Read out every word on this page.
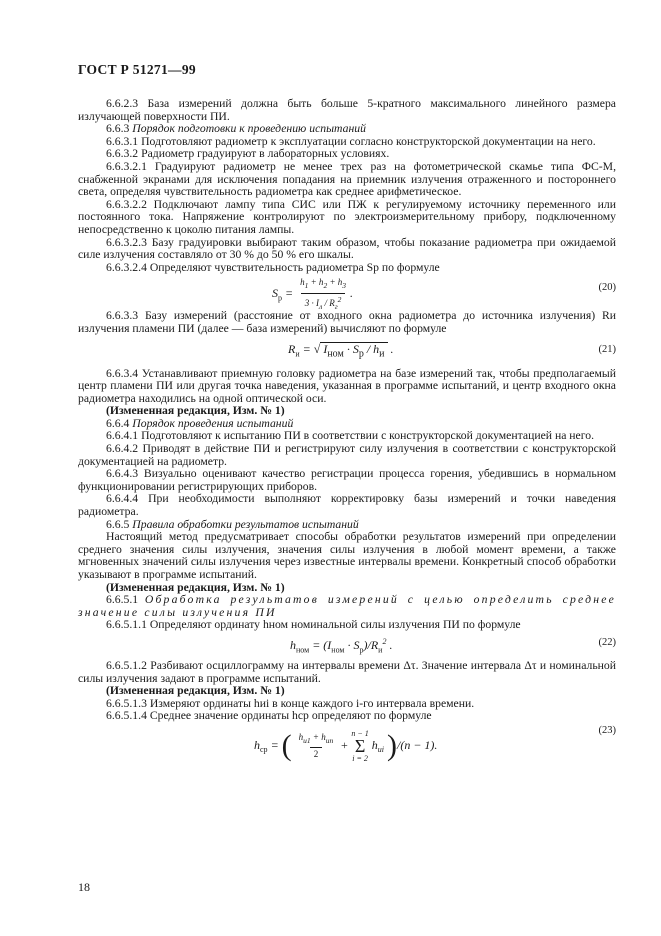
ГОСТ Р 51271—99

6.6.2.3 База измерений должна быть больше 5-кратного максимального линейного размера излучающей поверхности ПИ.

6.6.3 Порядок подготовки к проведению испытаний

6.6.3.1 Подготовляют радиометр к эксплуатации согласно конструкторской документации на него.

6.6.3.2 Радиометр градуируют в лабораторных условиях.

6.6.3.2.1 Градуируют радиометр не менее трех раз на фотометрической скамье типа ФС-М, снабженной экранами для исключения попадания на приемник излучения отраженного и постороннего света, определяя чувствительность радиометра как среднее арифметическое.

6.6.3.2.2 Подключают лампу типа СИС или ПЖ к регулируемому источнику переменного или постоянного тока. Напряжение контролируют по электроизмерительному прибору, подключенному непосредственно к цоколю питания лампы.

6.6.3.2.3 Базу градуировки выбирают таким образом, чтобы показание радиометра при ожидаемой силе излучения составляло от 30 % до 50 % его шкалы.

6.6.3.2.4 Определяют чувствительность радиометра Sр по формуле

$S_р = \frac{h_1 + h_2 + h_3}{3 \cdot I_л / R_г^2}$ .	(20)

6.6.3.3 Базу измерений (расстояние от входного окна радиометра до источника излучения) Rи излучения пламени ПИ (далее — база измерений) вычисляют по формуле

$R_и$ = √ $I_{ном} \cdot S_р / h_и$ .	(21)

6.6.3.4 Устанавливают приемную головку радиометра на базе измерений так, чтобы предполагаемый центр пламени ПИ или другая точка наведения, указанная в программе испытаний, и центр входного окна радиометра находились на одной оптической оси.

(Измененная редакция, Изм. № 1)

6.6.4 Порядок проведения испытаний

6.6.4.1 Подготовляют к испытанию ПИ в соответствии с конструкторской документацией на него.

6.6.4.2 Приводят в действие ПИ и регистрируют силу излучения в соответствии с конструкторской документацией на радиометр.

6.6.4.3 Визуально оценивают качество регистрации процесса горения, убедившись в нормальном функционировании регистрирующих приборов.

6.6.4.4 При необходимости выполняют корректировку базы измерений и точки наведения радиометра.

6.6.5 Правила обработки результатов испытаний

Настоящий метод предусматривает способы обработки результатов измерений при определении среднего значения силы излучения, значения силы излучения в любой момент времени, а также мгновенных значений силы излучения через известные интервалы времени. Конкретный способ обработки указывают в программе испытаний.

(Измененная редакция, Изм. № 1)

6.6.5.1 Обработка результатов измерений с целью определить среднее значение силы излучения ПИ

6.6.5.1.1 Определяют ординату hном номинальной силы излучения ПИ по формуле

$h_{ном} = (I_{ном} \cdot S_р)/R_и^2$ .	(22)

6.6.5.1.2 Разбивают осциллограмму на интервалы времени Δτ. Значение интервала Δτ и номинальной силы излучения задают в программе испытаний.

(Измененная редакция, Изм. № 1)

6.6.5.1.3 Измеряют ординаты hиi в конце каждого i-го интервала времени.

6.6.5.1.4 Среднее значение ординаты hср определяют по формуле

$h_{ср}$ = ( $\frac{h_{и1} + h_{иn}}{2}$ +
n − 1
Σ
i = 2
$h_{иi}$ )/(n − 1).
(23)
18
